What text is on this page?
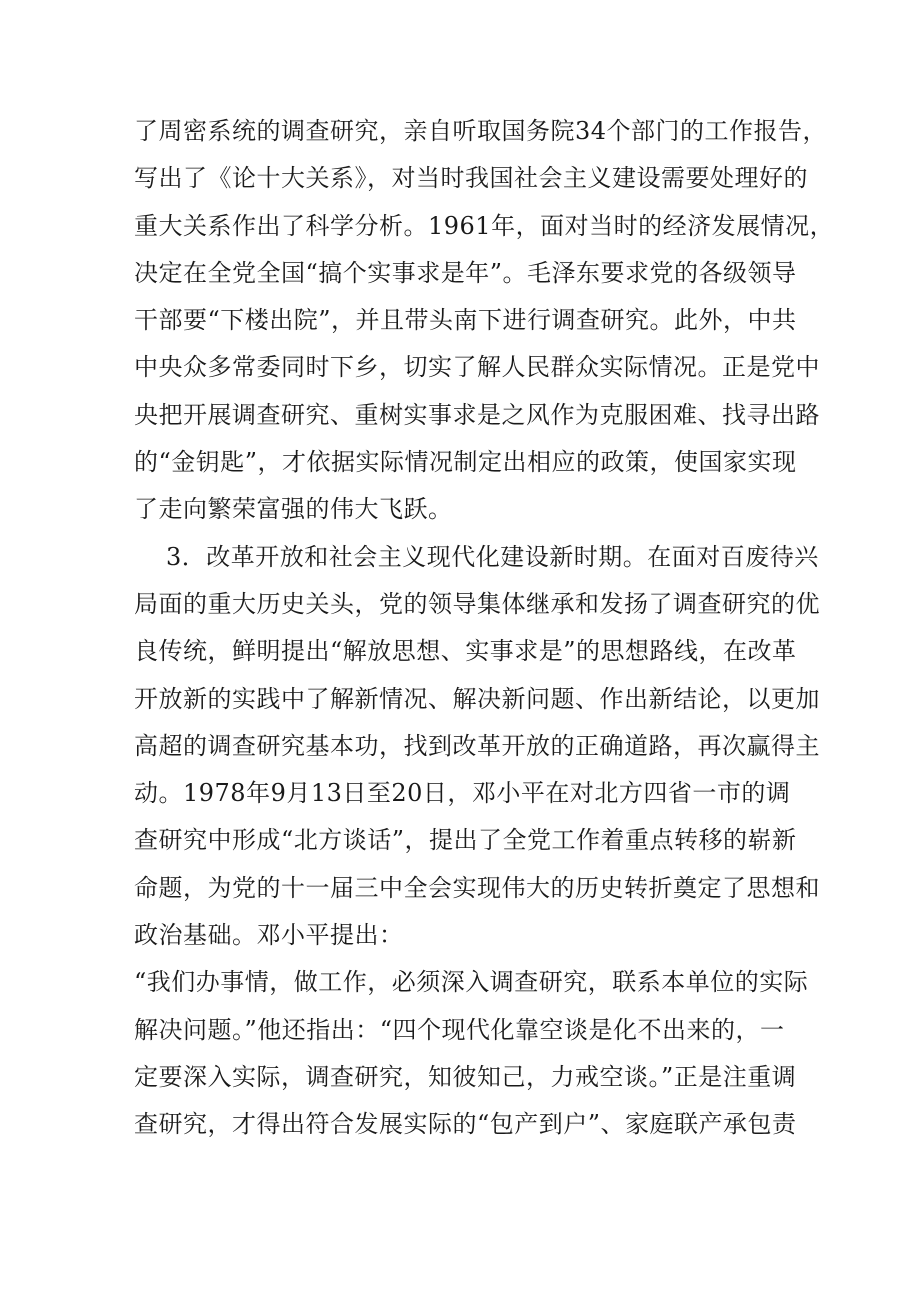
了周密系统的调查研究，亲自听取国务院34个部门的工作报告，
写出了《论十大关系》，对当时我国社会主义建设需要处理好的
重大关系作出了科学分析。1961年，面对当时的经济发展情况，
决定在全党全国“搞个实事求是年”。毛泽东要求党的各级领导
干部要“下楼出院”，并且带头南下进行调查研究。此外，中共
中央众多常委同时下乡，切实了解人民群众实际情况。正是党中
央把开展调查研究、重树实事求是之风作为克服困难、找寻出路
的“金钥匙”，才依据实际情况制定出相应的政策，使国家实现
了走向繁荣富强的伟大飞跃。
3．改革开放和社会主义现代化建设新时期。在面对百废待兴
局面的重大历史关头，党的领导集体继承和发扬了调查研究的优
良传统，鲜明提出“解放思想、实事求是”的思想路线，在改革
开放新的实践中了解新情况、解决新问题、作出新结论，以更加
高超的调查研究基本功，找到改革开放的正确道路，再次赢得主
动。1978年9月13日至20日，邓小平在对北方四省一市的调
查研究中形成“北方谈话”，提出了全党工作着重点转移的崭新
命题，为党的十一届三中全会实现伟大的历史转折奠定了思想和
政治基础。邓小平提出：
“我们办事情，做工作，必须深入调查研究，联系本单位的实际
解决问题。”他还指出：“四个现代化靠空谈是化不出来的，一
定要深入实际，调查研究，知彼知己，力戒空谈。”正是注重调
查研究，才得出符合发展实际的“包产到户”、家庭联产承包责
